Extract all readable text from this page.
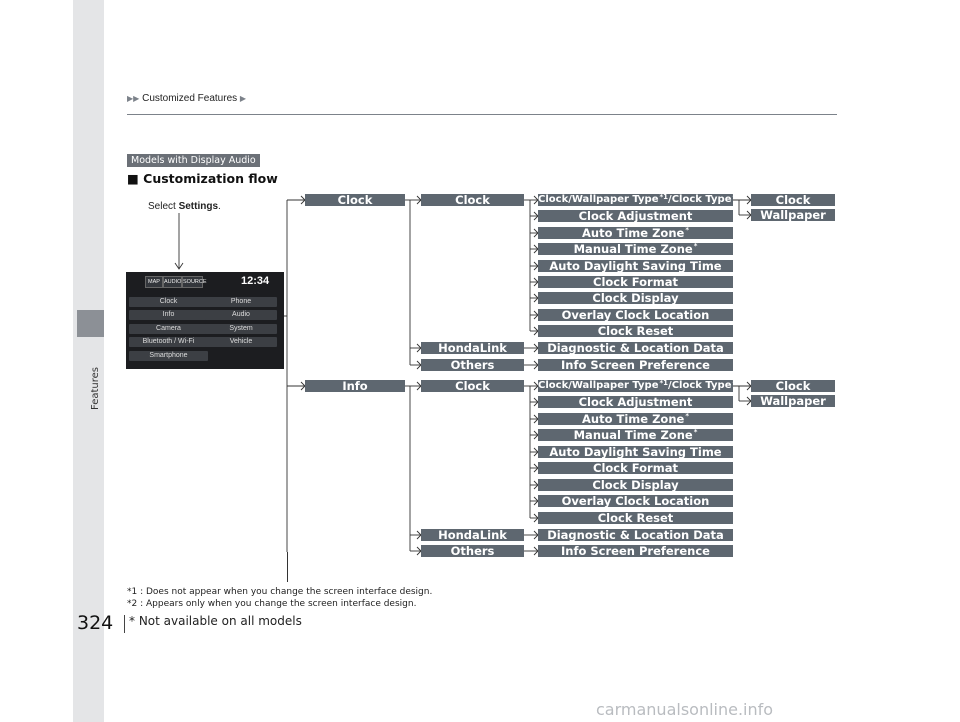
Features
▶▶ Customized Features ▶
Models with Display Audio
■ Customization flow
Select Settings.
MAP AUDIO SOURCE	12:34
Clock	Phone
Info	Audio
Camera	System
Bluetooth / Wi-Fi	Vehicle
Smartphone
Clock	Clock
HondaLink
Others
Clock/Wallpaper Type$^{*1}$/Clock Type$^{*2}$
Clock Adjustment
Auto Time Zone*
Manual Time Zone*
Auto Daylight Saving Time
Clock Format
Clock Display
Overlay Clock Location
Clock Reset
Diagnostic & Location Data
Info Screen Preference
Clock
Wallpaper
Info	Clock
HondaLink
Others
Clock/Wallpaper Type$^{*1}$/Clock Type$^{*2}$
Clock Adjustment
Auto Time Zone*
Manual Time Zone*
Auto Daylight Saving Time
Clock Format
Clock Display
Overlay Clock Location
Clock Reset
Diagnostic & Location Data
Info Screen Preference
Clock
Wallpaper
*1 : Does not appear when you change the screen interface design.
*2 : Appears only when you change the screen interface design.
324 * Not available on all models
carmanualsonline.info
